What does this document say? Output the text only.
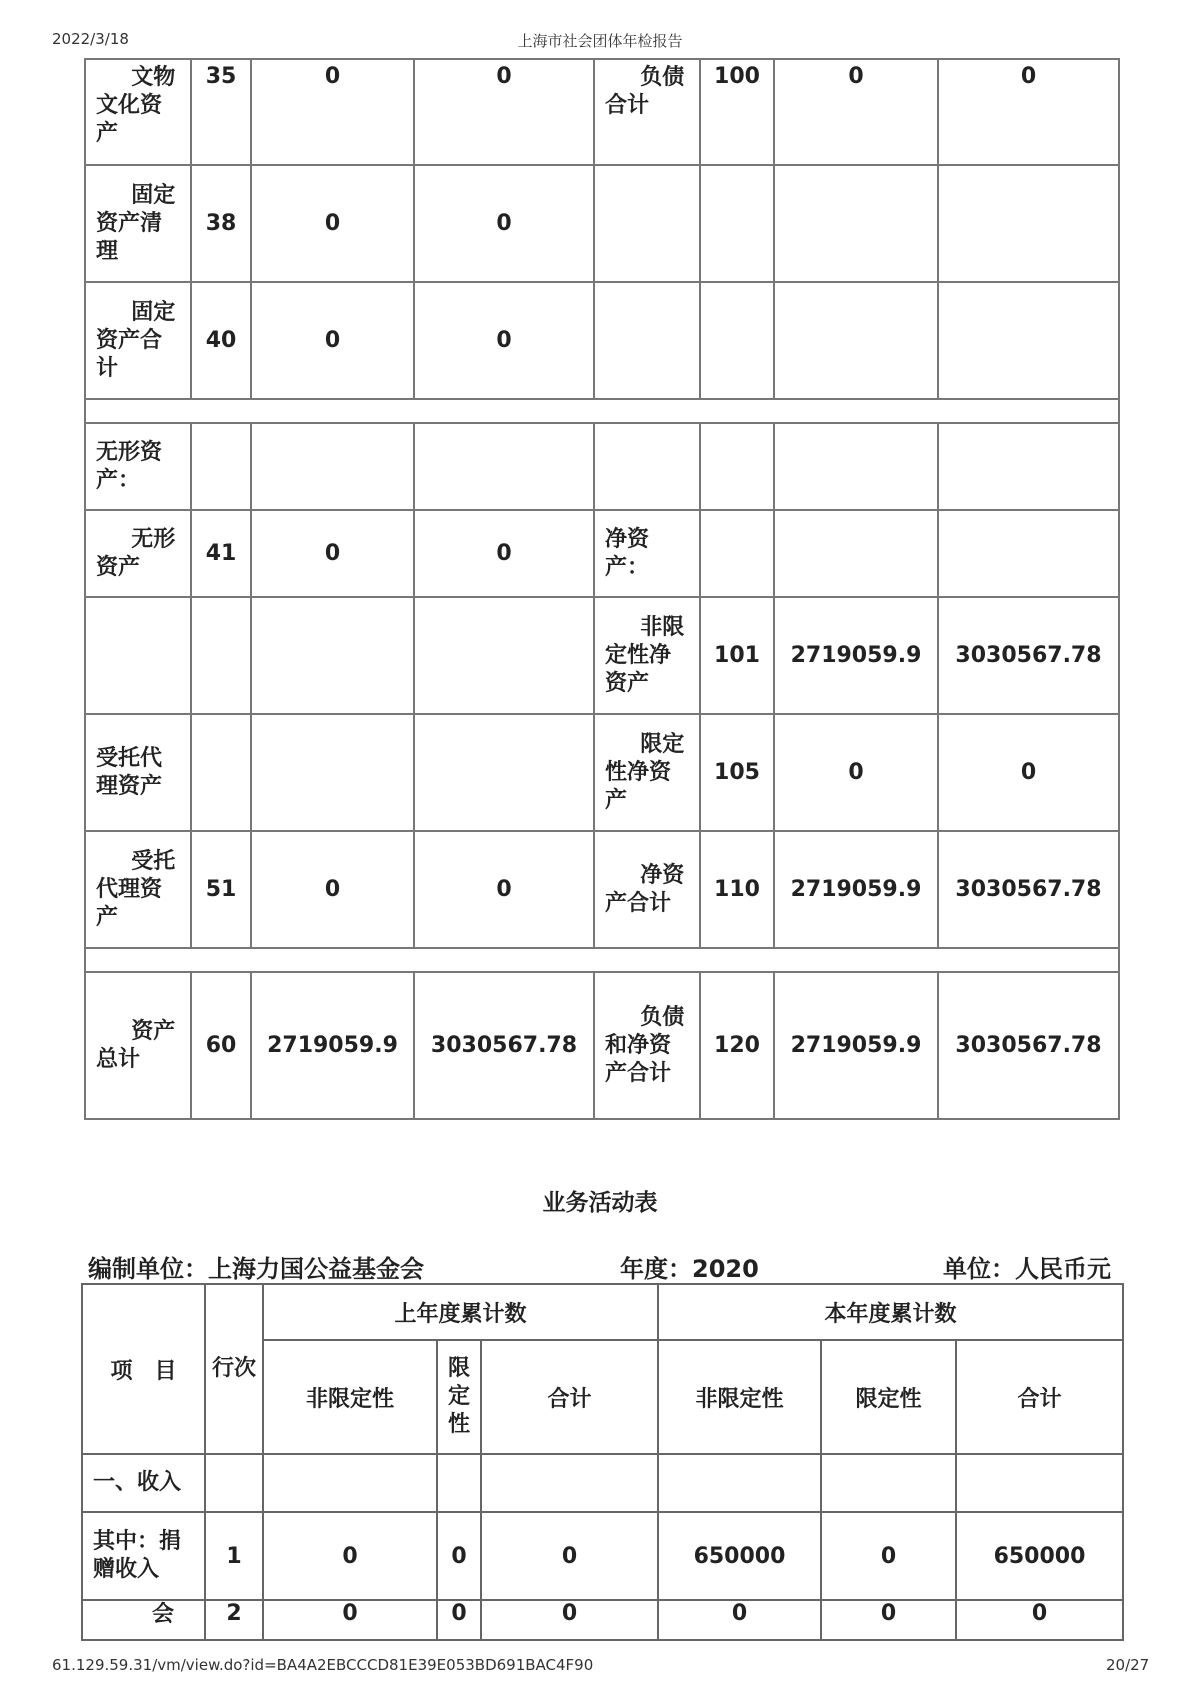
2022/3/18	上海市社会团体年检报告
文物文化资产	35	0	0	负债合计	100	0	0
固定资产清理	38	0	0				
固定资产合计	40	0	0				

无形资产：							
无形资产	41	0	0	净资产：			
				非限定性净资产	101	2719059.9	3030567.78
受托代理资产				限定性净资产	105	0	0
受托代理资产	51	0	0	净资产合计	110	2719059.9	3030567.78

资产总计	60	2719059.9	3030567.78	负债和净资产合计	120	2719059.9	3030567.78
业务活动表
编制单位：上海力国公益基金会	年度：2020	单位：人民币元
项　目	行次	上年度累计数			本年度累计数		
		非限定性	限定性	合计	非限定性	限定性	合计
一、收入							
其中：捐赠收入	1	0	0	0	650000	0	650000
会	2	0	0	0	0	0	0
61.129.59.31/vm/view.do?id=BA4A2EBCCCD81E39E053BD691BAC4F90	20/27
